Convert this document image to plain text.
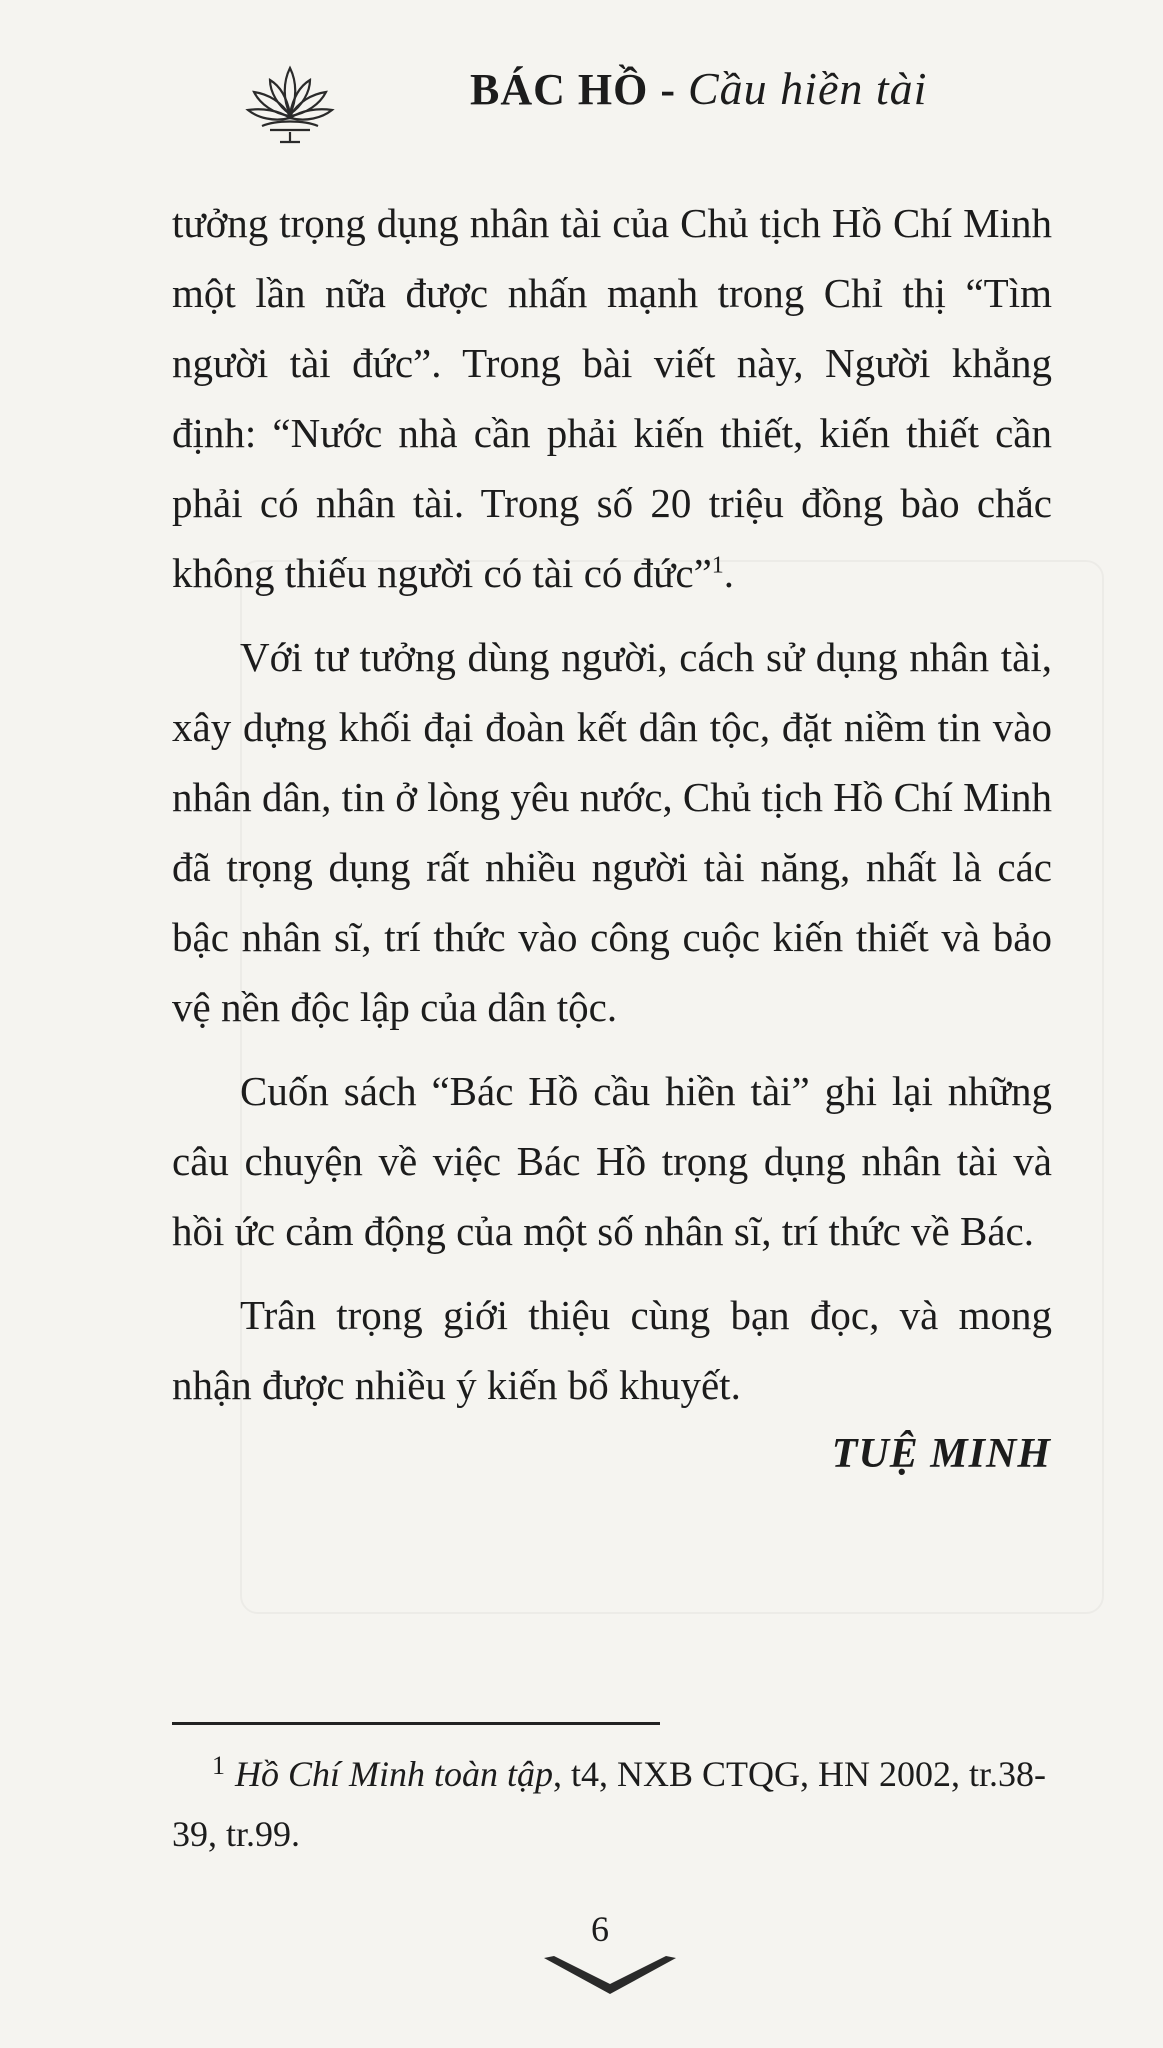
BÁC HỒ - Cầu hiền tài

tưởng trọng dụng nhân tài của Chủ tịch Hồ Chí Minh một lần nữa được nhấn mạnh trong Chỉ thị “Tìm người tài đức”. Trong bài viết này, Người khẳng định: “Nước nhà cần phải kiến thiết, kiến thiết cần phải có nhân tài. Trong số 20 triệu đồng bào chắc không thiếu người có tài có đức”$^1$.

Với tư tưởng dùng người, cách sử dụng nhân tài, xây dựng khối đại đoàn kết dân tộc, đặt niềm tin vào nhân dân, tin ở lòng yêu nước, Chủ tịch Hồ Chí Minh đã trọng dụng rất nhiều người tài năng, nhất là các bậc nhân sĩ, trí thức vào công cuộc kiến thiết và bảo vệ nền độc lập của dân tộc.

Cuốn sách “Bác Hồ cầu hiền tài” ghi lại những câu chuyện về việc Bác Hồ trọng dụng nhân tài và hồi ức cảm động của một số nhân sĩ, trí thức về Bác.

Trân trọng giới thiệu cùng bạn đọc, và mong nhận được nhiều ý kiến bổ khuyết.

TUỆ MINH
$^1$ Hồ Chí Minh toàn tập, t4, NXB CTQG, HN 2002, tr.38-39, tr.99.
6
